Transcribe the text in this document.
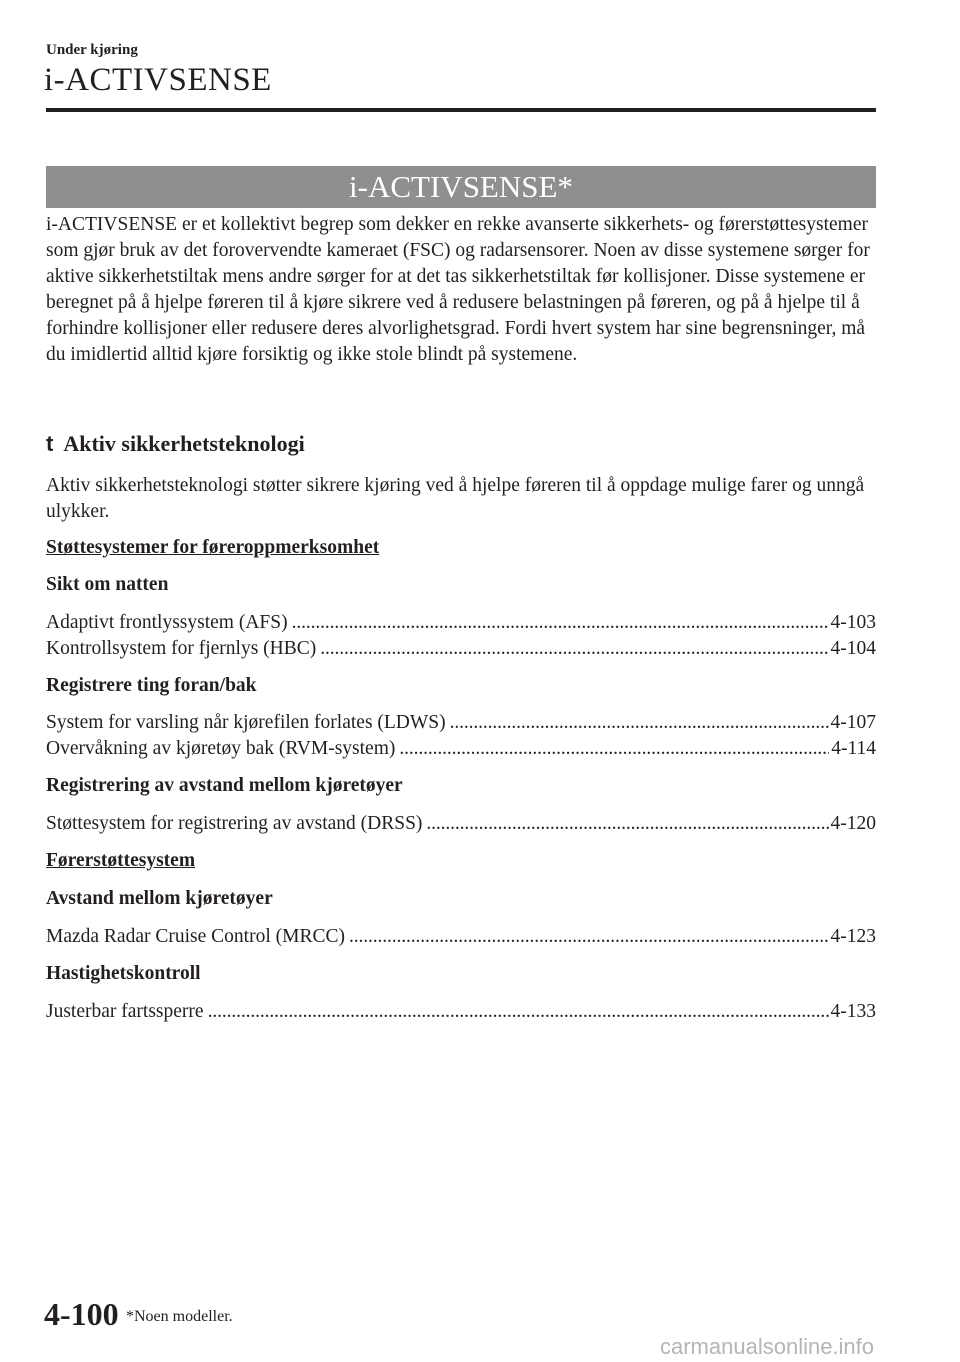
Under kjøring
i-ACTIVSENSE
i-ACTIVSENSE*
i-ACTIVSENSE er et kollektivt begrep som dekker en rekke avanserte sikkerhets- og førerstøttesystemer som gjør bruk av det forovervendte kameraet (FSC) og radarsensorer. Noen av disse systemene sørger for aktive sikkerhetstiltak mens andre sørger for at det tas sikkerhetstiltak før kollisjoner. Disse systemene er beregnet på å hjelpe føreren til å kjøre sikrere ved å redusere belastningen på føreren, og på å hjelpe til å forhindre kollisjoner eller redusere deres alvorlighetsgrad. Fordi hvert system har sine begrensninger, må du imidlertid alltid kjøre forsiktig og ikke stole blindt på systemene.
t Aktiv sikkerhetsteknologi
Aktiv sikkerhetsteknologi støtter sikrere kjøring ved å hjelpe føreren til å oppdage mulige farer og unngå ulykker.
Støttesystemer for føreroppmerksomhet
Sikt om natten
Adaptivt frontlyssystem (AFS) . . .	4-103
Kontrollsystem for fjernlys (HBC) . . .	4-104
Registrere ting foran/bak
System for varsling når kjørefilen forlates (LDWS) . . .	4-107
Overvåkning av kjøretøy bak (RVM-system) . . .	4-114
Registrering av avstand mellom kjøretøyer
Støttesystem for registrering av avstand (DRSS) . . .	4-120
Førerstøttesystem
Avstand mellom kjøretøyer
Mazda Radar Cruise Control (MRCC) . . .	4-123
Hastighetskontroll
Justerbar fartssperre . . .	4-133
4-100 *Noen modeller.
carmanualsonline.info
